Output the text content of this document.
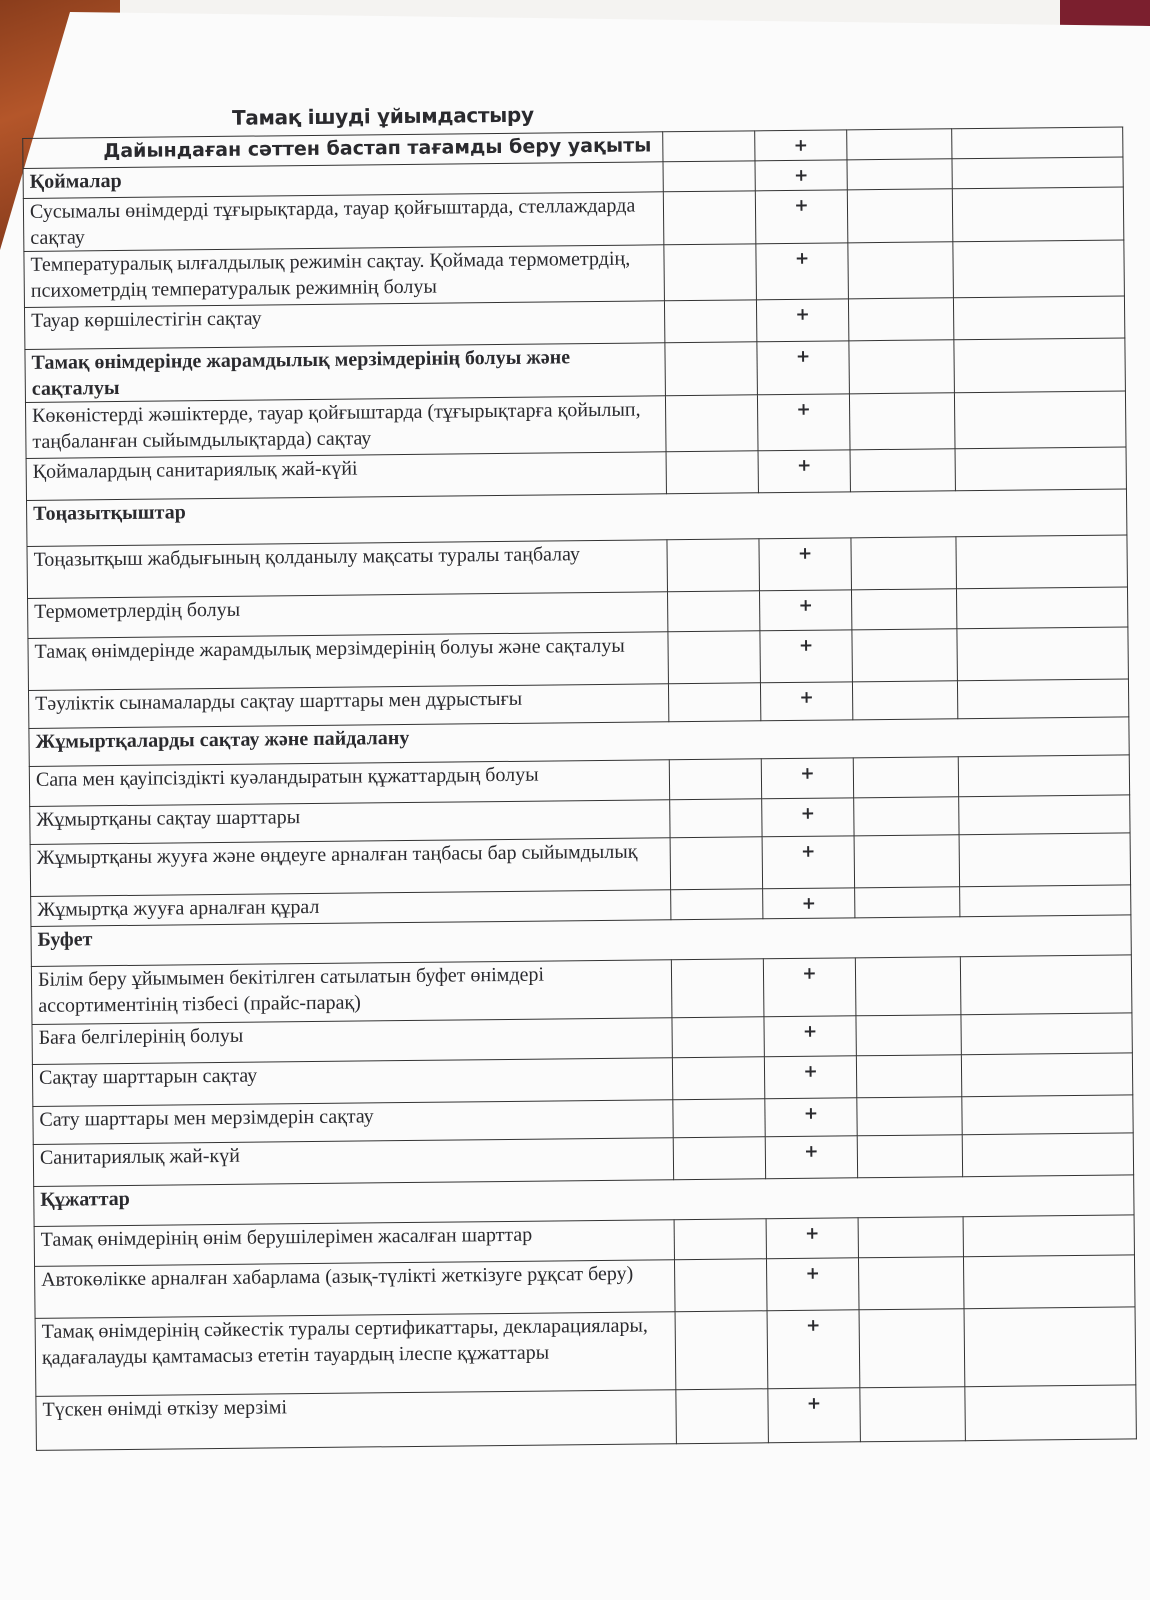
Тамақ ішуді ұйымдастыру
Дайындаған сәттен бастап тағамды беру уақыты		+		
Қоймалар		+		
Сусымалы өнімдерді тұғырықтарда, тауар қойғыштарда, стеллаждарда сақтау		+		
Температуралық ылғалдылық режимін сақтау. Қоймада термометрдің, психометрдің температуралык режимнің болуы		+		
Тауар көршілестігін сақтау		+		
Тамақ өнімдерінде жарамдылық мерзімдерінің болуы және сақталуы		+		
Көкөністерді жәшіктерде, тауар қойғыштарда (тұғырықтарға қойылып, таңбаланған сыйымдылықтарда) сақтау		+		
Қоймалардың санитариялық жай-күйі		+		
Тоңазытқыштар				
Тоңазытқыш жабдығының қолданылу мақсаты туралы таңбалау		+		
Термометрлердің болуы		+		
Тамақ өнімдерінде жарамдылық мерзімдерінің болуы және сақталуы		+		
Тәуліктік сынамаларды сақтау шарттары мен дұрыстығы		+		
Жұмыртқаларды сақтау және пайдалану				
Сапа мен қауіпсіздікті куәландыратын құжаттардың болуы		+		
Жұмыртқаны сақтау шарттары		+		
Жұмыртқаны жууға және өңдеуге арналған таңбасы бар сыйымдылық		+		
Жұмыртқа жууға арналған құрал		+		
Буфет				
Білім беру ұйымымен бекітілген сатылатын буфет өнімдері ассортиментінің тізбесі (прайс-парақ)		+		
Баға белгілерінің болуы		+		
Сақтау шарттарын сақтау		+		
Сату шарттары мен мерзімдерін сақтау		+		
Санитариялық жай-күй		+		
Құжаттар				
Тамақ өнімдерінің өнім берушілерімен жасалған шарттар		+		
Автокөлікке арналған хабарлама (азық-түлікті жеткізуге рұқсат беру)		+		
Тамақ өнімдерінің сәйкестік туралы сертификаттары, декларациялары, қадағалауды қамтамасыз ететін тауардың ілеспе құжаттары		+		
Түскен өнімді өткізу мерзімі		+		
